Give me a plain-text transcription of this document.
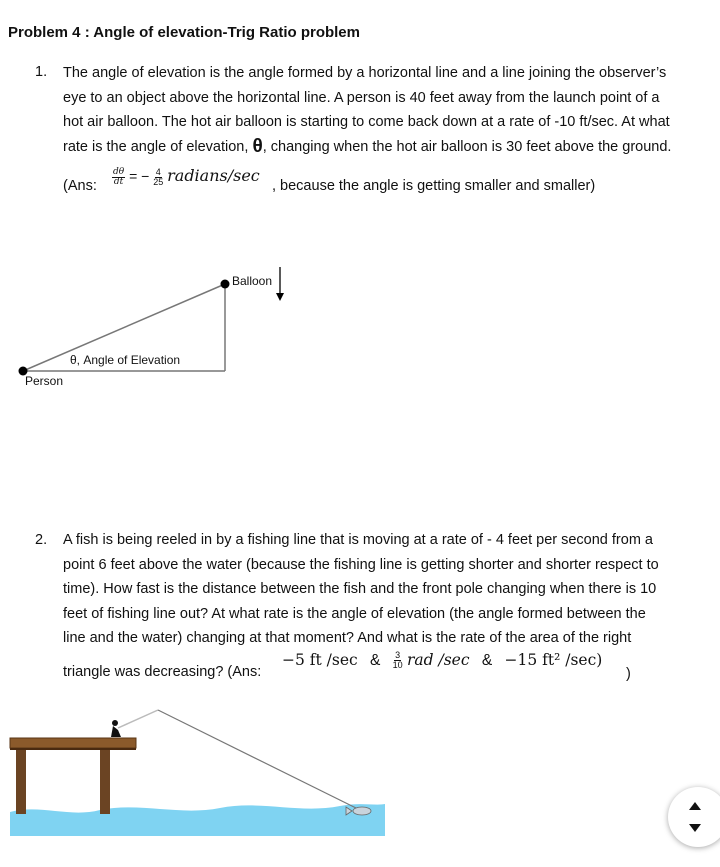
Problem 4 : Angle of elevation-Trig Ratio problem
1. The angle of elevation is the angle formed by a horizontal line and a line joining the observer’s
eye to an object above the horizontal line. A person is 40 feet away from the launch point of a
hot air balloon. The hot air balloon is starting to come back down at a rate of -10 ft/sec. At what
rate is the angle of elevation, θ, changing when the hot air balloon is 30 feet above the ground.
(Ans: $\frac{d\theta}{dt}$ = − $\frac{4}{25}$ radians/sec
, because the angle is getting smaller and smaller)
Balloon
θ, Angle of Elevation
Person
2. A fish is being reeled in by a fishing line that is moving at a rate of - 4 feet per second from a
point 6 feet above the water (because the fishing line is getting shorter and shorter respect to
time). How fast is the distance between the fish and the front pole changing when there is 10
feet of fishing line out? At what rate is the angle of elevation (the angle formed between the
line and the water) changing at that moment? And what is the rate of the area of the right
triangle was decreasing? (Ans:
−5 ft /sec & $\frac{3}{10}$ rad /sec & −15 ft² /sec)
)
